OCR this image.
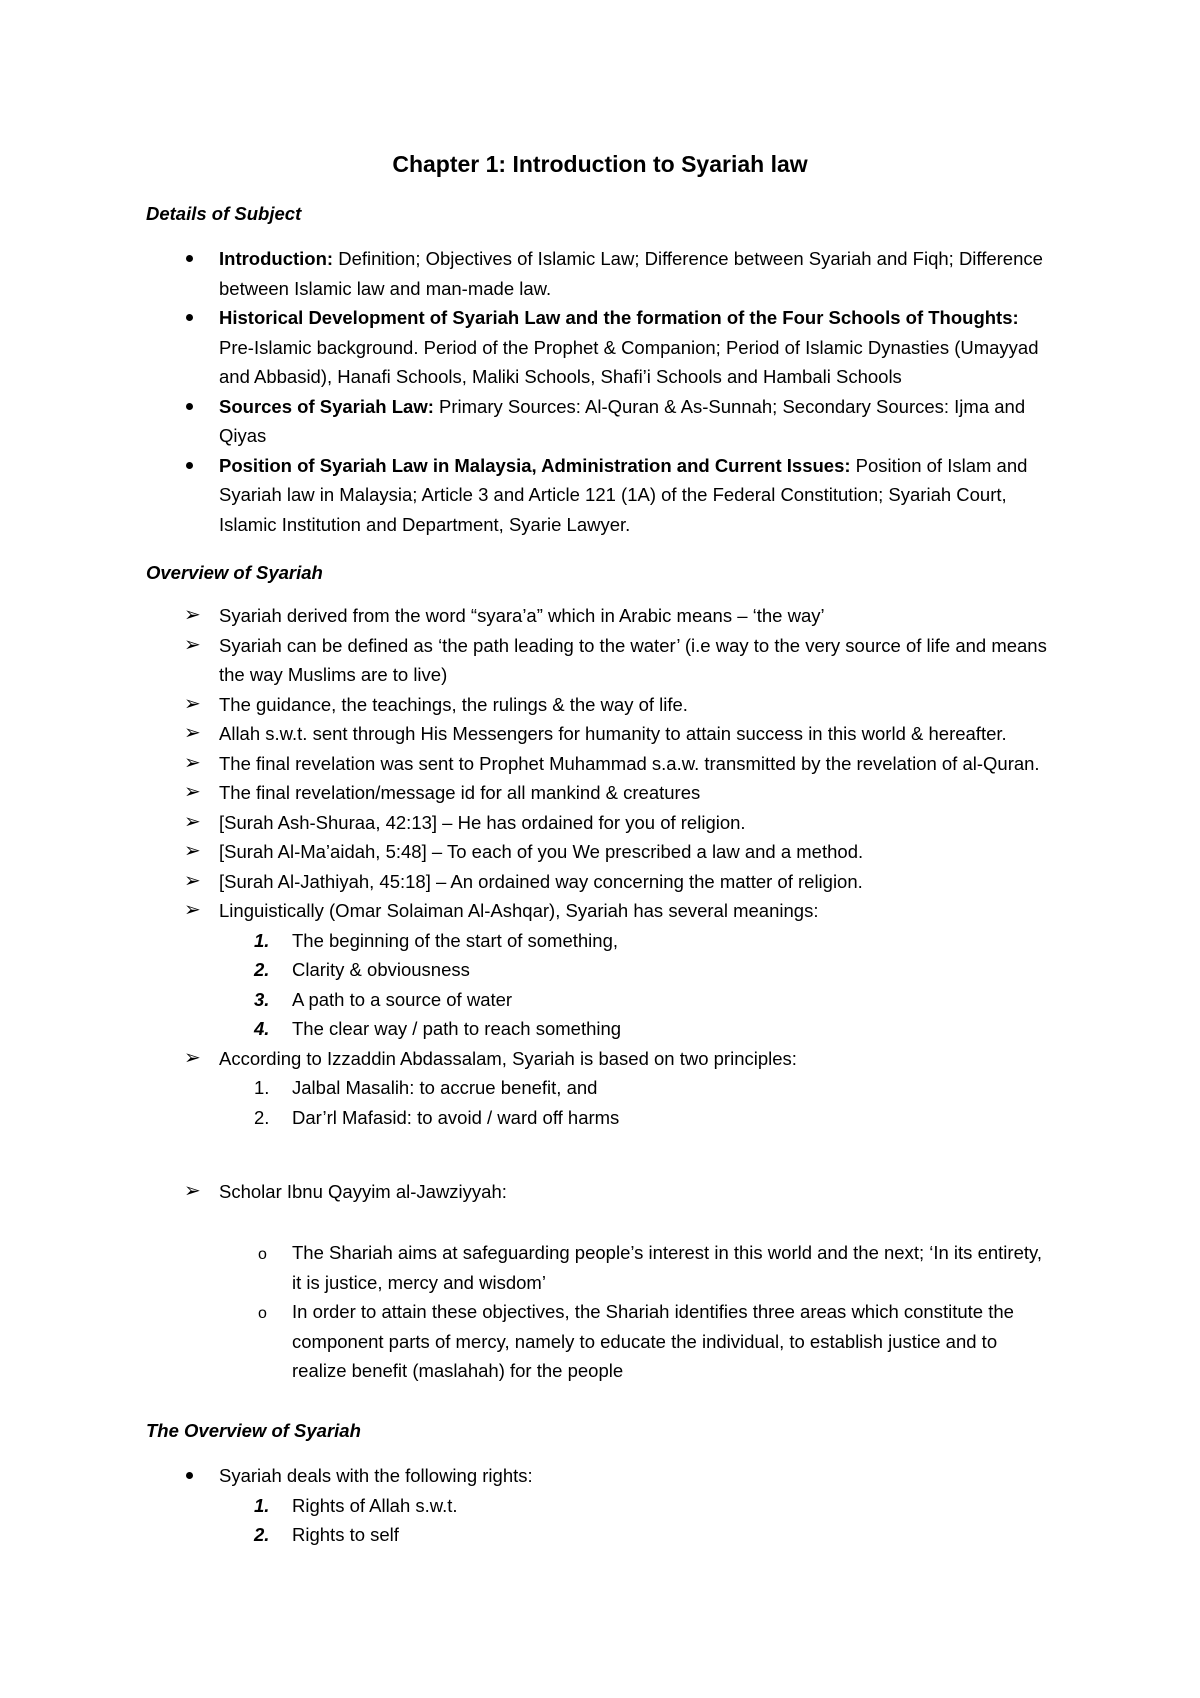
Chapter 1: Introduction to Syariah law
Details of Subject
Introduction: Definition; Objectives of Islamic Law; Difference between Syariah and Fiqh; Difference between Islamic law and man-made law.
Historical Development of Syariah Law and the formation of the Four Schools of Thoughts: Pre-Islamic background. Period of the Prophet & Companion; Period of Islamic Dynasties (Umayyad and Abbasid), Hanafi Schools, Maliki Schools, Shafi’i Schools and Hambali Schools
Sources of Syariah Law: Primary Sources: Al-Quran & As-Sunnah; Secondary Sources: Ijma and Qiyas
Position of Syariah Law in Malaysia, Administration and Current Issues: Position of Islam and Syariah law in Malaysia; Article 3 and Article 121 (1A) of the Federal Constitution; Syariah Court, Islamic Institution and Department, Syarie Lawyer.
Overview of Syariah
➢ Syariah derived from the word “syara’a” which in Arabic means – ‘the way’
➢ Syariah can be defined as ‘the path leading to the water’ (i.e way to the very source of life and means the way Muslims are to live)
➢ The guidance, the teachings, the rulings & the way of life.
➢ Allah s.w.t. sent through His Messengers for humanity to attain success in this world & hereafter.
➢ The final revelation was sent to Prophet Muhammad s.a.w. transmitted by the revelation of al-Quran.
➢ The final revelation/message id for all mankind & creatures
➢ [Surah Ash-Shuraa, 42:13] – He has ordained for you of religion.
➢ [Surah Al-Ma’aidah, 5:48] – To each of you We prescribed a law and a method.
➢ [Surah Al-Jathiyah, 45:18] – An ordained way concerning the matter of religion.
➢ Linguistically (Omar Solaiman Al-Ashqar), Syariah has several meanings:
1. The beginning of the start of something,
2. Clarity & obviousness
3. A path to a source of water
4. The clear way / path to reach something
➢ According to Izzaddin Abdassalam, Syariah is based on two principles:
1. Jalbal Masalih: to accrue benefit, and
2. Dar’rl Mafasid: to avoid / ward off harms
➢ Scholar Ibnu Qayyim al-Jawziyyah:
o The Shariah aims at safeguarding people’s interest in this world and the next; ‘In its entirety, it is justice, mercy and wisdom’
o In order to attain these objectives, the Shariah identifies three areas which constitute the component parts of mercy, namely to educate the individual, to establish justice and to realize benefit (maslahah) for the people
The Overview of Syariah
Syariah deals with the following rights:
1. Rights of Allah s.w.t.
2. Rights to self
